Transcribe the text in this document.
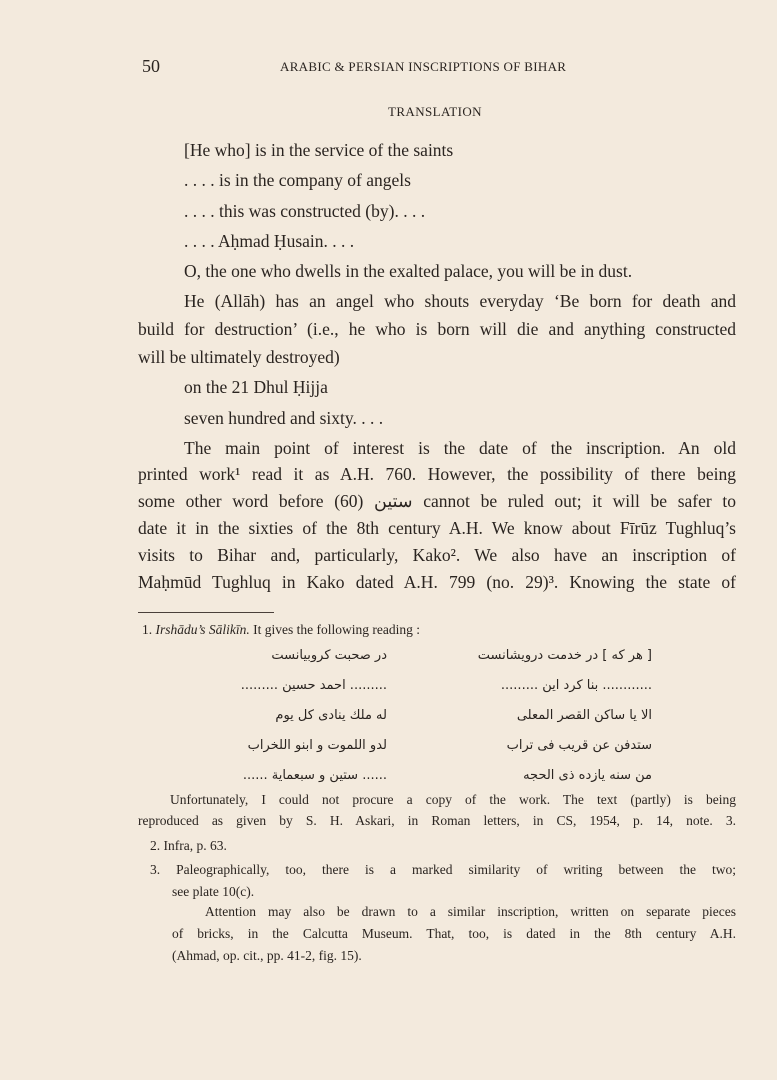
50	ARABIC & PERSIAN INSCRIPTIONS OF BIHAR
TRANSLATION
[He who] is in the service of the saints
. . . . is in the company of angels
. . . . this was constructed (by). . . .
. . . . Aḥmad Ḥusain. . . .
O, the one who dwells in the exalted palace, you will be in dust.
He (Allāh) has an angel who shouts everyday ‘Be born for death and
build for destruction’ (i.e., he who is born will die and anything constructed
will be ultimately destroyed)
on the 21 Dhul Ḥijja
seven hundred and sixty. . . .
The main point of interest is the date of the inscription. An old
printed work¹ read it as A.H. 760. However, the possibility of there being
some other word before ستين (60) cannot be ruled out; it will be safer to
date it in the sixties of the 8th century A.H. We know about Fīrūz Tughluq’s
visits to Bihar and, particularly, Kako². We also have an inscription of
Maḥmūd Tughluq in Kako dated A.H. 799 (no. 29)³. Knowing the state of
1. Irshādu’s Sālikīn. It gives the following reading :
[ هر كه ] در خدمت درويشانست
............ بنا كرد اين .........
الا يا ساكن القصر المعلى
ستدفن عن قريب فى تراب
من سنه يازده ذى الحجه
در صحبت كروبيانست
......... احمد حسين .........
له ملك ينادى كل يوم
لدو اللموت و ابنو اللخراب
...... ستين و سبعماية ......
Unfortunately, I could not procure a copy of the work. The text (partly) is being
reproduced as given by S. H. Askari, in Roman letters, in CS, 1954, p. 14, note. 3.
2. Infra, p. 63.
3. Paleographically, too, there is a marked similarity of writing between the two;
see plate 10(c).
Attention may also be drawn to a similar inscription, written on separate pieces
of bricks, in the Calcutta Museum. That, too, is dated in the 8th century A.H.
(Ahmad, op. cit., pp. 41-2, fig. 15).
